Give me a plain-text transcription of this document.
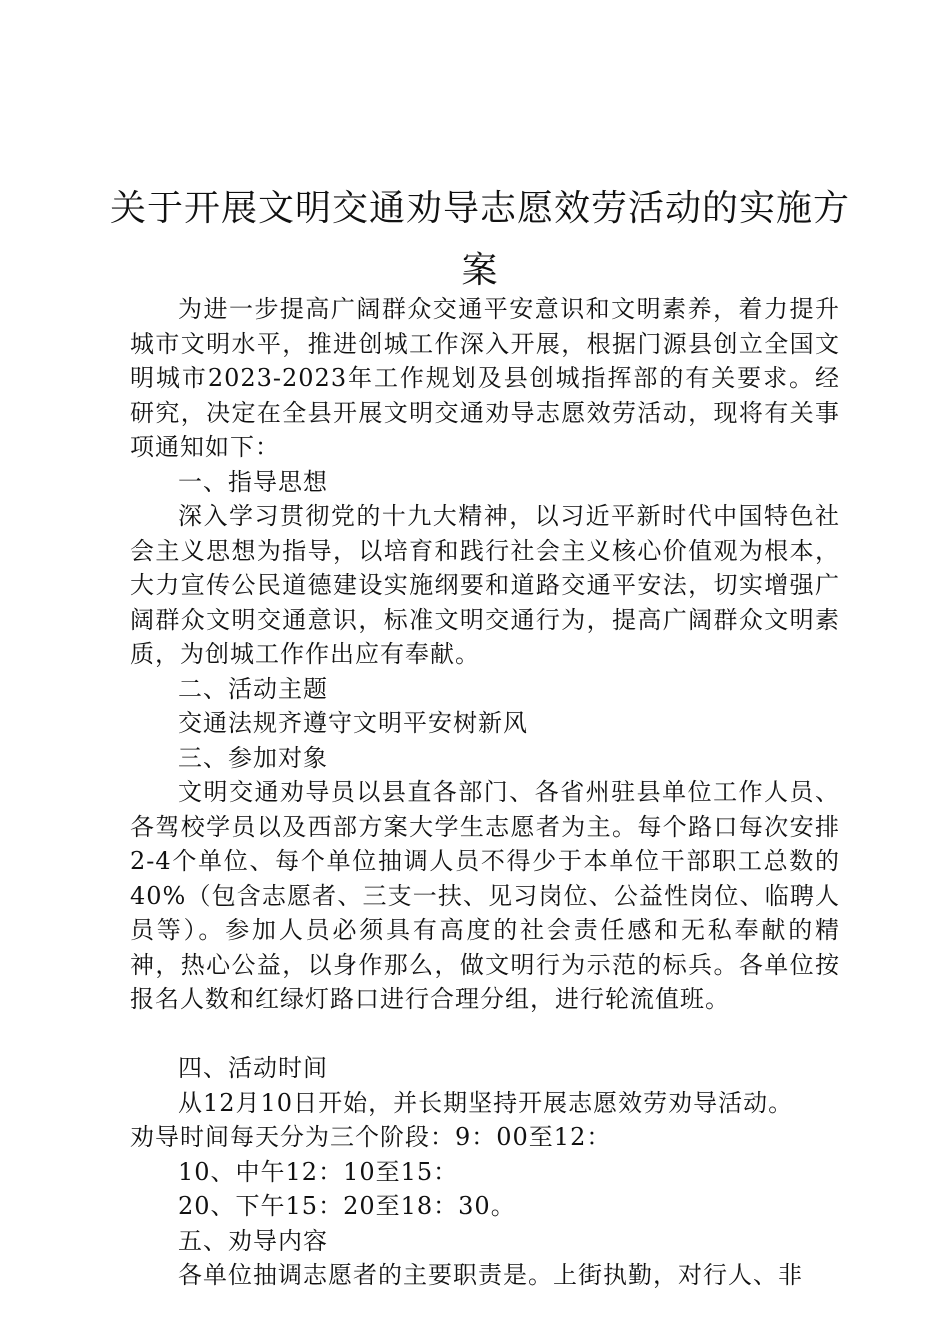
关于开展文明交通劝导志愿效劳活动的实施方案

为进一步提高广阔群众交通平安意识和文明素养，着力提升城市文明水平，推进创城工作深入开展，根据门源县创立全国文明城市2023-2023年工作规划及县创城指挥部的有关要求。经研究，决定在全县开展文明交通劝导志愿效劳活动，现将有关事项通知如下：

一、指导思想

深入学习贯彻党的十九大精神，以习近平新时代中国特色社会主义思想为指导，以培育和践行社会主义核心价值观为根本，大力宣传公民道德建设实施纲要和道路交通平安法，切实增强广阔群众文明交通意识，标准文明交通行为，提高广阔群众文明素质，为创城工作作出应有奉献。

二、活动主题

交通法规齐遵守文明平安树新风

三、参加对象

文明交通劝导员以县直各部门、各省州驻县单位工作人员、各驾校学员以及西部方案大学生志愿者为主。每个路口每次安排2-4个单位、每个单位抽调人员不得少于本单位干部职工总数的40%（包含志愿者、三支一扶、见习岗位、公益性岗位、临聘人员等）。参加人员必须具有高度的社会责任感和无私奉献的精神，热心公益，以身作那么，做文明行为示范的标兵。各单位按报名人数和红绿灯路口进行合理分组，进行轮流值班。

四、活动时间

从12月10日开始，并长期坚持开展志愿效劳劝导活动。

劝导时间每天分为三个阶段：9：00至12：

10、中午12：10至15：

20、下午15：20至18：30。

五、劝导内容

各单位抽调志愿者的主要职责是。上街执勤，对行人、非
